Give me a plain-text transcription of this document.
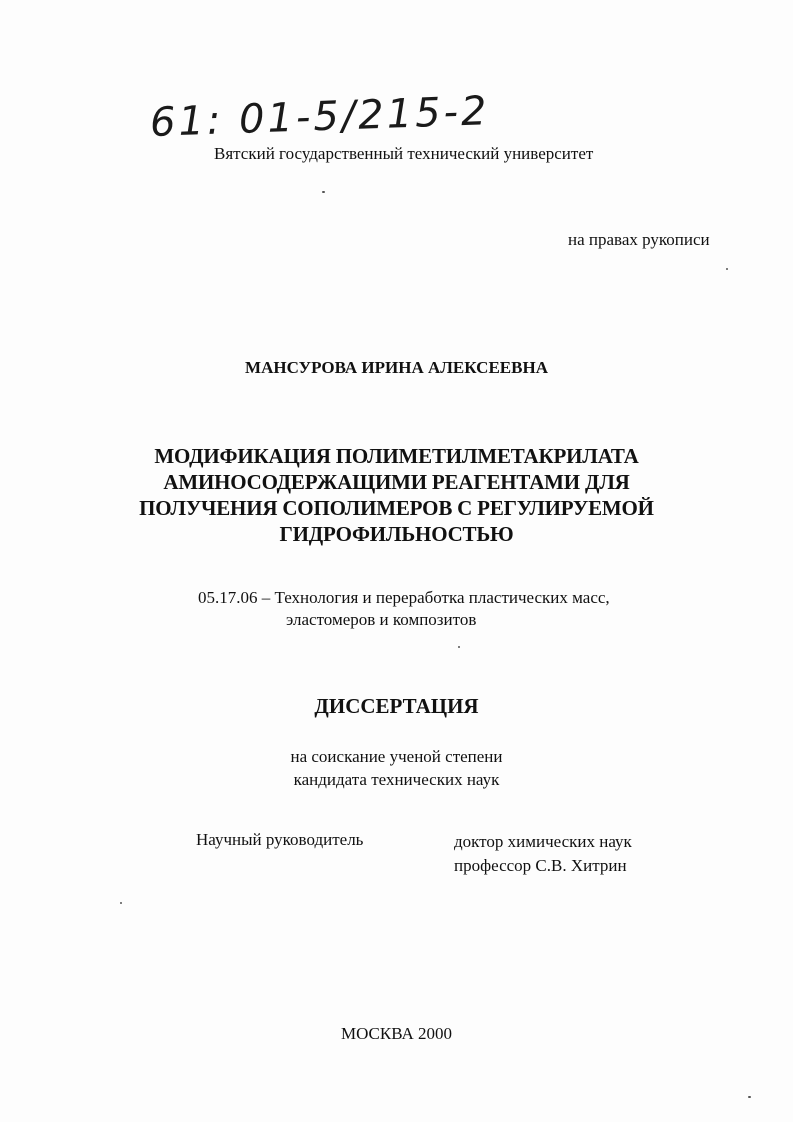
61: 01-5/215-2
Вятский государственный технический университет
на правах рукописи
МАНСУРОВА ИРИНА АЛЕКСЕЕВНА
МОДИФИКАЦИЯ ПОЛИМЕТИЛМЕТАКРИЛАТА
АМИНОСОДЕРЖАЩИМИ РЕАГЕНТАМИ ДЛЯ
ПОЛУЧЕНИЯ СОПОЛИМЕРОВ С РЕГУЛИРУЕМОЙ
ГИДРОФИЛЬНОСТЬЮ
05.17.06 – Технология и переработка пластических масс,
эластомеров и композитов
ДИССЕРТАЦИЯ
на соискание ученой степени
кандидата технических наук
Научный руководитель	доктор химических наук
профессор С.В. Хитрин
МОСКВА 2000
